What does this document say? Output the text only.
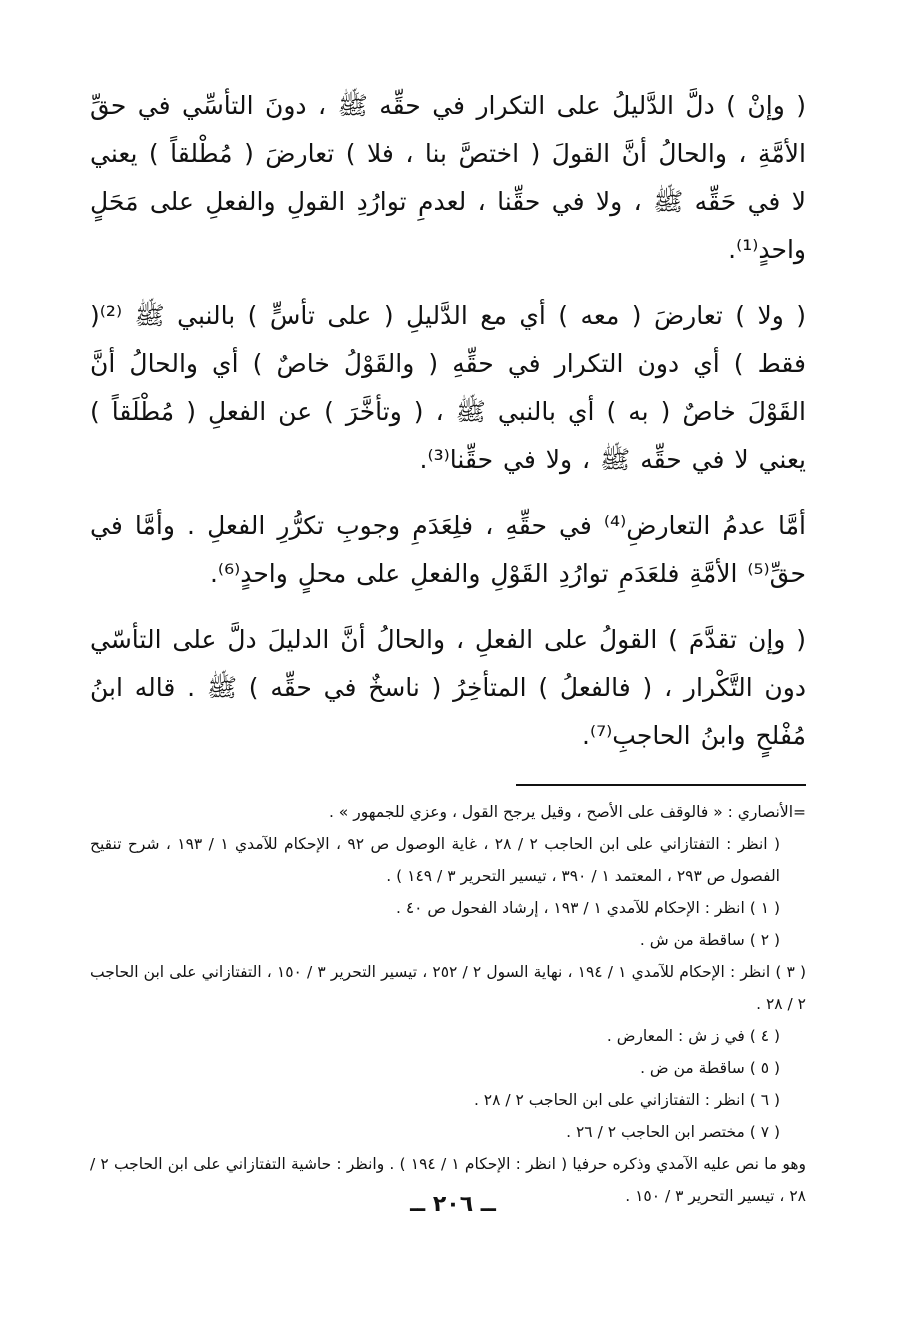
( وإنْ ) دلَّ الدَّليلُ على التكرار في حقِّه ﷺ ، دونَ التأسِّي في حقِّ الأمَّةِ ، والحالُ أنَّ القولَ ( اختصَّ بنا ، فلا ) تعارضَ ( مُطْلقاً ) يعني لا في حَقِّه ﷺ ، ولا في حقِّنا ، لعدمِ توارُدِ القولِ والفعلِ على مَحَلٍ واحدٍ⁽¹⁾.

( ولا ) تعارضَ ( معه ) أي مع الدَّليلِ ( على تأسٍّ ) بالنبي ﷺ ⁽²⁾( فقط ) أي دون التكرار في حقِّهِ ( والقَوْلُ خاصٌ ) أي والحالُ أنَّ القَوْلَ خاصٌ ( به ) أي بالنبي ﷺ ، ( وتأخَّرَ ) عن الفعلِ ( مُطْلَقاً ) يعني لا في حقِّه ﷺ ، ولا في حقِّنا⁽³⁾.

أمَّا عدمُ التعارضِ⁽⁴⁾ في حقِّهِ ، فلِعَدَمِ وجوبِ تكرُّرِ الفعلِ . وأمَّا في حقِّ⁽⁵⁾ الأمَّةِ فلعَدَمِ توارُدِ القَوْلِ والفعلِ على محلٍ واحدٍ⁽⁶⁾.

( وإن تقدَّمَ ) القولُ على الفعلِ ، والحالُ أنَّ الدليلَ دلَّ على التأسّي دون التَّكْرار ، ( فالفعلُ ) المتأخِرُ ( ناسخٌ في حقِّه ) ﷺ . قاله ابنُ مُفْلحٍ وابنُ الحاجبِ⁽⁷⁾.

=الأنصاري : « فالوقف على الأصح ، وقيل يرجح القول ، وعزي للجمهور » .

( انظر : التفتازاني على ابن الحاجب ٢ / ٢٨ ، غاية الوصول ص ٩٢ ، الإحكام للآمدي ١ / ١٩٣ ، شرح تنقيح الفصول ص ٢٩٣ ، المعتمد ١ / ٣٩٠ ، تيسير التحرير ٣ / ١٤٩ ) .

( ١ ) انظر : الإحكام للآمدي ١ / ١٩٣ ، إرشاد الفحول ص ٤٠ .

( ٢ ) ساقطة من ش .

( ٣ ) انظر : الإحكام للآمدي ١ / ١٩٤ ، نهاية السول ٢ / ٢٥٢ ، تيسير التحرير ٣ / ١٥٠ ، التفتازاني على ابن الحاجب ٢ / ٢٨ .

( ٤ ) في ز ش : المعارض .

( ٥ ) ساقطة من ض .

( ٦ ) انظر : التفتازاني على ابن الحاجب ٢ / ٢٨ .

( ٧ ) مختصر ابن الحاجب ٢ / ٢٦ .

وهو ما نص عليه الآمدي وذكره حرفيا ( انظر : الإحكام ١ / ١٩٤ ) . وانظر : حاشية التفتازاني على ابن الحاجب ٢ / ٢٨ ، تيسير التحرير ٣ / ١٥٠ .

ــ ٢٠٦ ــ
